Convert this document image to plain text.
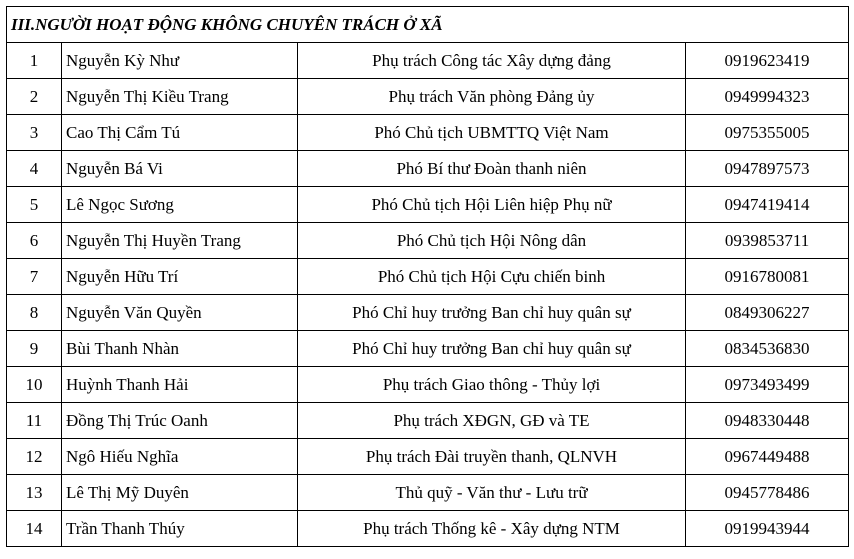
III.NGƯỜI HOẠT ĐỘNG KHÔNG CHUYÊN TRÁCH Ở XÃ			
1	Nguyễn Kỳ Như	Phụ trách Công tác Xây dựng đảng	0919623419
2	Nguyễn Thị Kiều Trang	Phụ trách Văn phòng Đảng ủy	0949994323
3	Cao Thị Cẩm Tú	Phó Chủ tịch UBMTTQ Việt Nam	0975355005
4	Nguyễn Bá Vi	Phó Bí thư Đoàn thanh niên	0947897573
5	Lê Ngọc Sương	Phó Chủ tịch Hội Liên hiệp Phụ nữ	0947419414
6	Nguyễn Thị Huyền Trang	Phó Chủ tịch Hội Nông dân	0939853711
7	Nguyễn Hữu Trí	Phó Chủ tịch Hội Cựu chiến binh	0916780081
8	Nguyễn Văn Quyền	Phó Chỉ huy trưởng Ban chỉ huy quân sự	0849306227
9	Bùi Thanh Nhàn	Phó Chỉ huy trưởng Ban chỉ huy quân sự	0834536830
10	Huỳnh Thanh Hải	Phụ trách Giao thông - Thủy lợi	0973493499
11	Đồng Thị Trúc Oanh	Phụ trách XĐGN, GĐ và TE	0948330448
12	Ngô Hiếu Nghĩa	Phụ trách Đài truyền thanh, QLNVH	0967449488
13	Lê Thị Mỹ Duyên	Thủ quỹ - Văn thư - Lưu trữ	0945778486
14	Trần Thanh Thúy	Phụ trách Thống kê - Xây dựng NTM	0919943944
